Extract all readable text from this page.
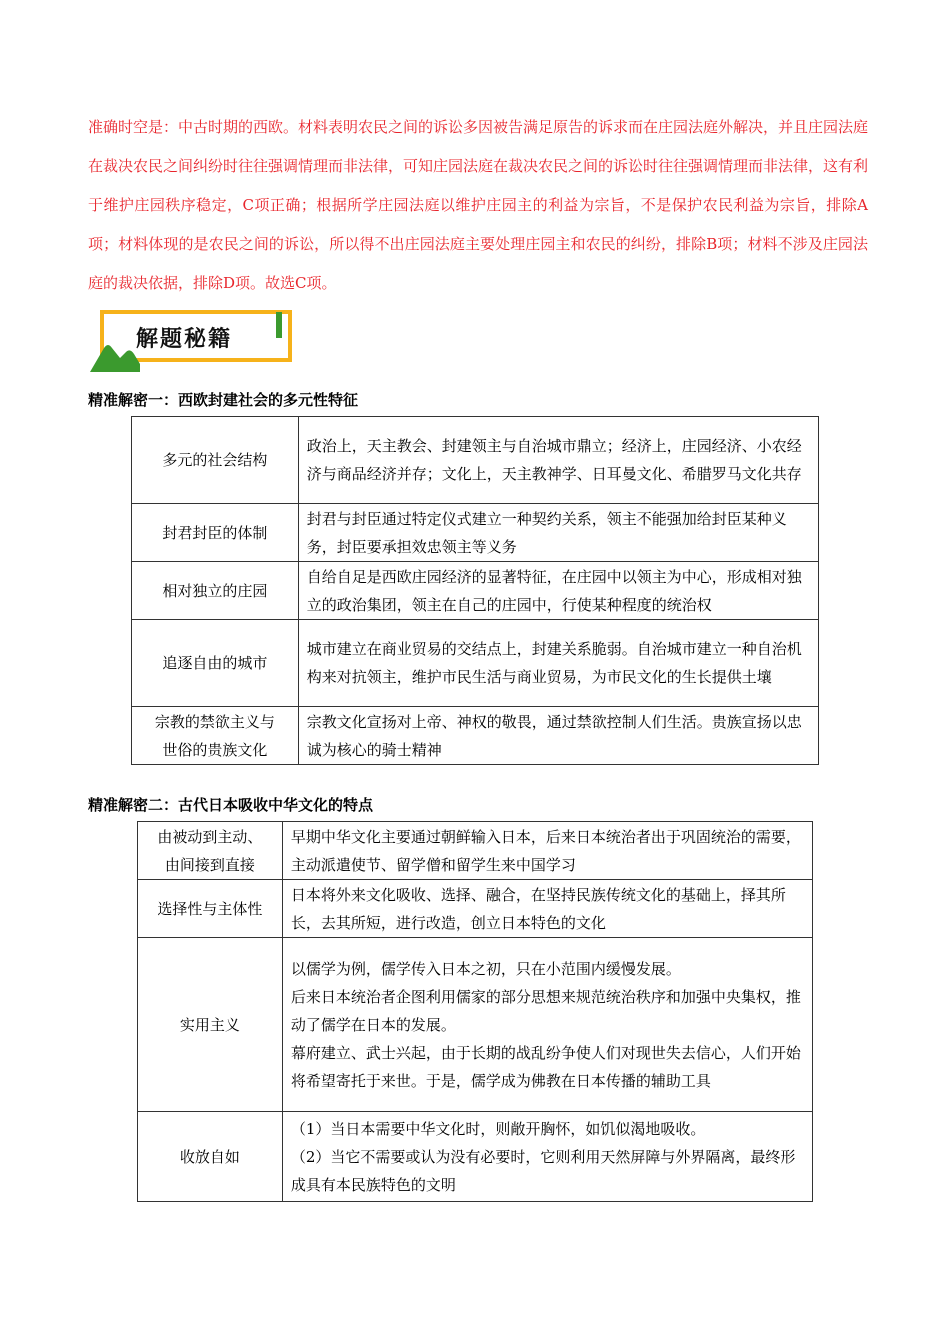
准确时空是：中古时期的西欧。材料表明农民之间的诉讼多因被告满足原告的诉求而在庄园法庭外解决，并且庄园法庭在裁决农民之间纠纷时往往强调情理而非法律，可知庄园法庭在裁决农民之间的诉讼时往往强调情理而非法律，这有利于维护庄园秩序稳定，C项正确；根据所学庄园法庭以维护庄园主的利益为宗旨，不是保护农民利益为宗旨，排除A项；材料体现的是农民之间的诉讼，所以得不出庄园法庭主要处理庄园主和农民的纠纷，排除B项；材料不涉及庄园法庭的裁决依据，排除D项。故选C项。

解题秘籍
精准解密一：西欧封建社会的多元性特征
多元的社会结构	政治上，天主教会、封建领主与自治城市鼎立；经济上，庄园经济、小农经济与商品经济并存；文化上，天主教神学、日耳曼文化、希腊罗马文化共存
封君封臣的体制	封君与封臣通过特定仪式建立一种契约关系，领主不能强加给封臣某种义务，封臣要承担效忠领主等义务
相对独立的庄园	自给自足是西欧庄园经济的显著特征，在庄园中以领主为中心，形成相对独立的政治集团，领主在自己的庄园中，行使某种程度的统治权
追逐自由的城市	城市建立在商业贸易的交结点上，封建关系脆弱。自治城市建立一种自治机构来对抗领主，维护市民生活与商业贸易，为市民文化的生长提供土壤

宗教的禁欲主义与
世俗的贵族文化	宗教文化宣扬对上帝、神权的敬畏，通过禁欲控制人们生活。贵族宣扬以忠诚为核心的骑士精神
精准解密二：古代日本吸收中华文化的特点
由被动到主动、
由间接到直接	早期中华文化主要通过朝鲜输入日本，后来日本统治者出于巩固统治的需要，主动派遣使节、留学僧和留学生来中国学习
选择性与主体性	日本将外来文化吸收、选择、融合，在坚持民族传统文化的基础上，择其所长，去其所短，进行改造，创立日本特色的文化
实用主义	以儒学为例，儒学传入日本之初，只在小范围内缓慢发展。

后来日本统治者企图利用儒家的部分思想来规范统治秩序和加强中央集权，推动了儒学在日本的发展。

幕府建立、武士兴起，由于长期的战乱纷争使人们对现世失去信心，人们开始将希望寄托于来世。于是，儒学成为佛教在日本传播的辅助工具

收放自如	（1）当日本需要中华文化时，则敞开胸怀，如饥似渴地吸收。

（2）当它不需要或认为没有必要时，它则利用天然屏障与外界隔离，最终形成具有本民族特色的文明
